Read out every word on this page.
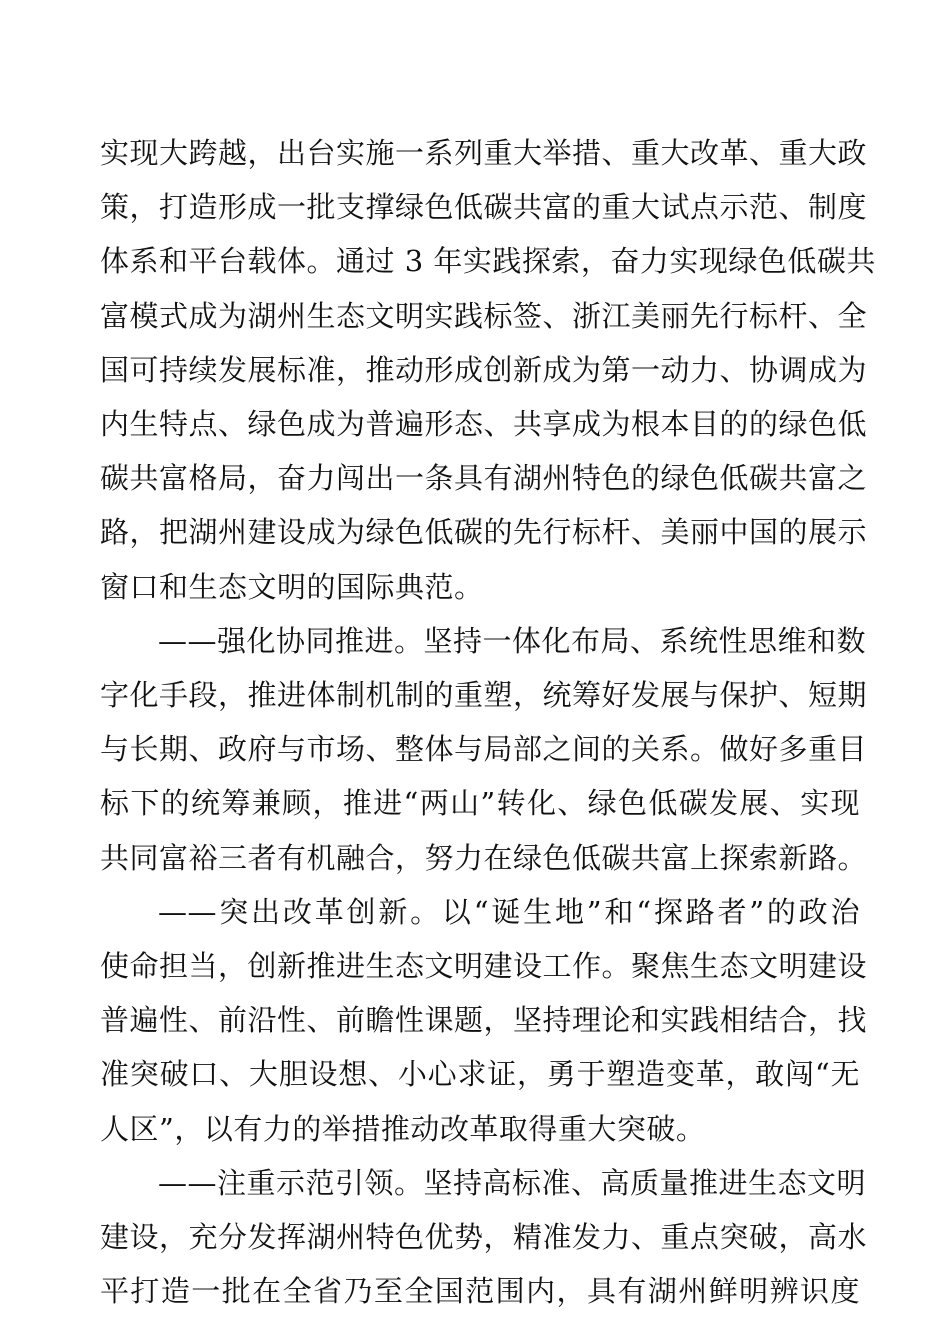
实现大跨越，出台实施一系列重大举措、重大改革、重大政
策，打造形成一批支撑绿色低碳共富的重大试点示范、制度
体系和平台载体。通过 3 年实践探索，奋力实现绿色低碳共
富模式成为湖州生态文明实践标签、浙江美丽先行标杆、全
国可持续发展标准，推动形成创新成为第一动力、协调成为
内生特点、绿色成为普遍形态、共享成为根本目的的绿色低
碳共富格局，奋力闯出一条具有湖州特色的绿色低碳共富之
路，把湖州建设成为绿色低碳的先行标杆、美丽中国的展示
窗口和生态文明的国际典范。
——强化协同推进。坚持一体化布局、系统性思维和数
字化手段，推进体制机制的重塑，统筹好发展与保护、短期
与长期、政府与市场、整体与局部之间的关系。做好多重目
标下的统筹兼顾，推进“两山”转化、绿色低碳发展、实现
共同富裕三者有机融合，努力在绿色低碳共富上探索新路。
——突出改革创新。以“诞生地”和“探路者”的政治
使命担当，创新推进生态文明建设工作。聚焦生态文明建设
普遍性、前沿性、前瞻性课题，坚持理论和实践相结合，找
准突破口、大胆设想、小心求证，勇于塑造变革，敢闯“无
人区”，以有力的举措推动改革取得重大突破。
——注重示范引领。坚持高标准、高质量推进生态文明
建设，充分发挥湖州特色优势，精准发力、重点突破，高水
平打造一批在全省乃至全国范围内，具有湖州鲜明辨识度
